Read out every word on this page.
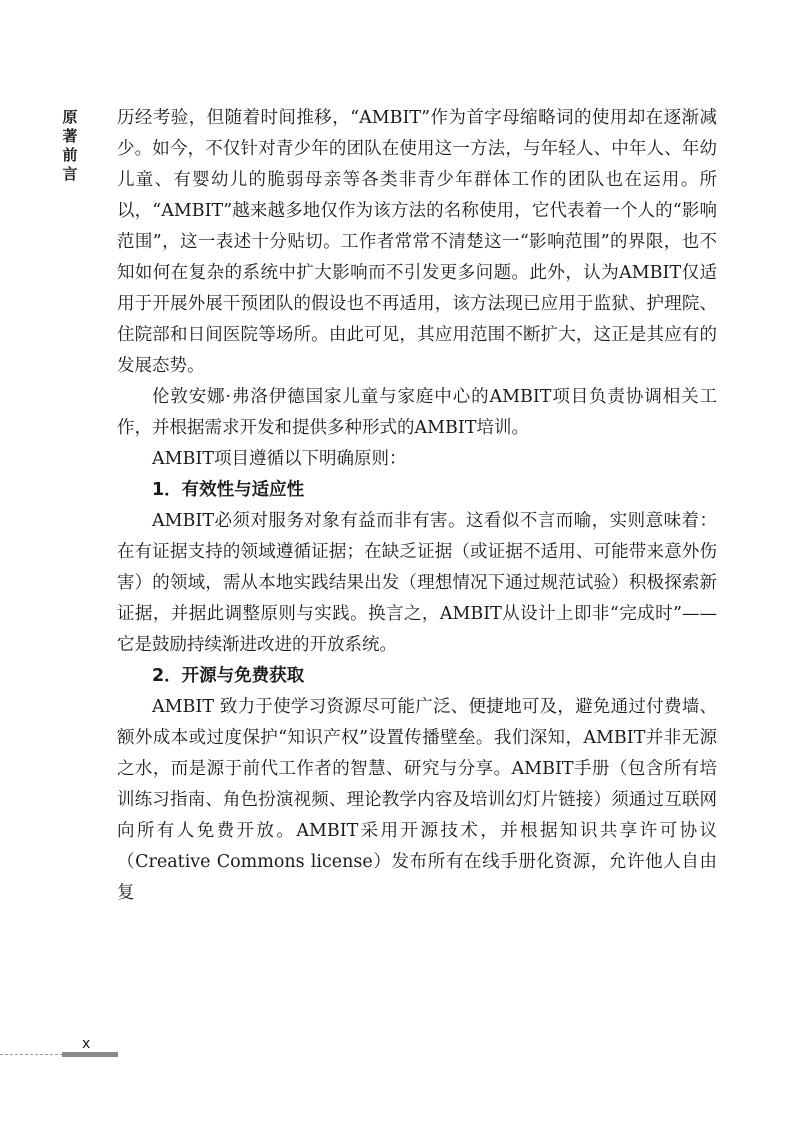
原
著
前
言

历经考验，但随着时间推移，“AMBIT”作为首字母缩略词的使用却在逐渐减少。如今，不仅针对青少年的团队在使用这一方法，与年轻人、中年人、年幼儿童、有婴幼儿的脆弱母亲等各类非青少年群体工作的团队也在运用。所以，“AMBIT”越来越多地仅作为该方法的名称使用，它代表着一个人的“影响范围”，这一表述十分贴切。工作者常常不清楚这一“影响范围”的界限，也不知如何在复杂的系统中扩大影响而不引发更多问题。此外，认为AMBIT仅适用于开展外展干预团队的假设也不再适用，该方法现已应用于监狱、护理院、住院部和日间医院等场所。由此可见，其应用范围不断扩大，这正是其应有的发展态势。

伦敦安娜·弗洛伊德国家儿童与家庭中心的AMBIT项目负责协调相关工作，并根据需求开发和提供多种形式的AMBIT培训。

AMBIT项目遵循以下明确原则：

1．有效性与适应性

AMBIT必须对服务对象有益而非有害。这看似不言而喻，实则意味着：在有证据支持的领域遵循证据；在缺乏证据（或证据不适用、可能带来意外伤害）的领域，需从本地实践结果出发（理想情况下通过规范试验）积极探索新证据，并据此调整原则与实践。换言之，AMBIT从设计上即非“完成时”——它是鼓励持续渐进改进的开放系统。

2．开源与免费获取

AMBIT 致力于使学习资源尽可能广泛、便捷地可及，避免通过付费墙、额外成本或过度保护“知识产权”设置传播壁垒。我们深知，AMBIT并非无源之水，而是源于前代工作者的智慧、研究与分享。AMBIT手册（包含所有培训练习指南、角色扮演视频、理论教学内容及培训幻灯片链接）须通过互联网向所有人免费开放。AMBIT采用开源技术，并根据知识共享许可协议（Creative Commons license）发布所有在线手册化资源，允许他人自由复

x
